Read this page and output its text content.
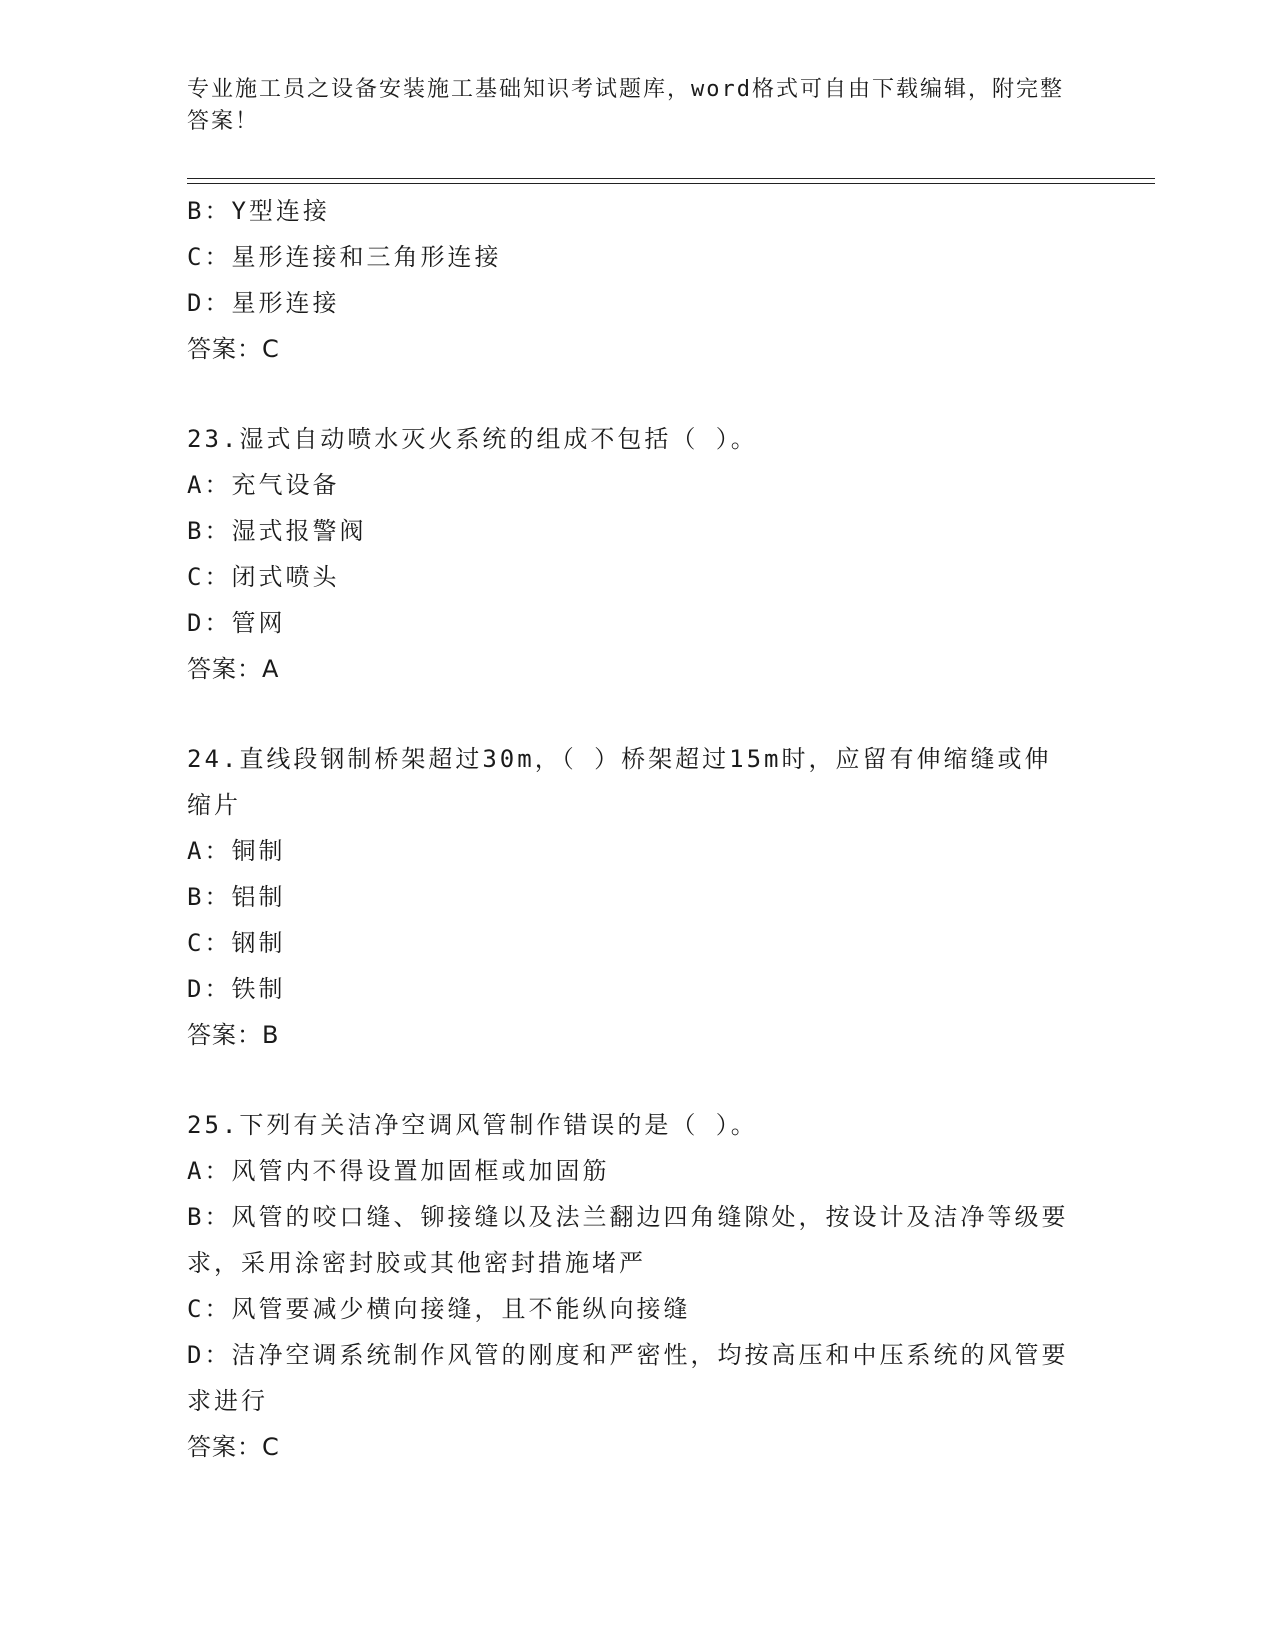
专业施工员之设备安装施工基础知识考试题库，word格式可自由下载编辑，附完整答案！
B：Y型连接
C：星形连接和三角形连接
D：星形连接
答案：C
23.湿式自动喷水灭火系统的组成不包括（ ）。
A：充气设备
B：湿式报警阀
C：闭式喷头
D：管网
答案：A
24.直线段钢制桥架超过30m，（ ）桥架超过15m时，应留有伸缩缝或伸缩片
A：铜制
B：铝制
C：钢制
D：铁制
答案：B
25.下列有关洁净空调风管制作错误的是（ ）。
A：风管内不得设置加固框或加固筋
B：风管的咬口缝、铆接缝以及法兰翻边四角缝隙处，按设计及洁净等级要求，采用涂密封胶或其他密封措施堵严
C：风管要减少横向接缝，且不能纵向接缝
D：洁净空调系统制作风管的刚度和严密性，均按高压和中压系统的风管要求进行
答案：C
